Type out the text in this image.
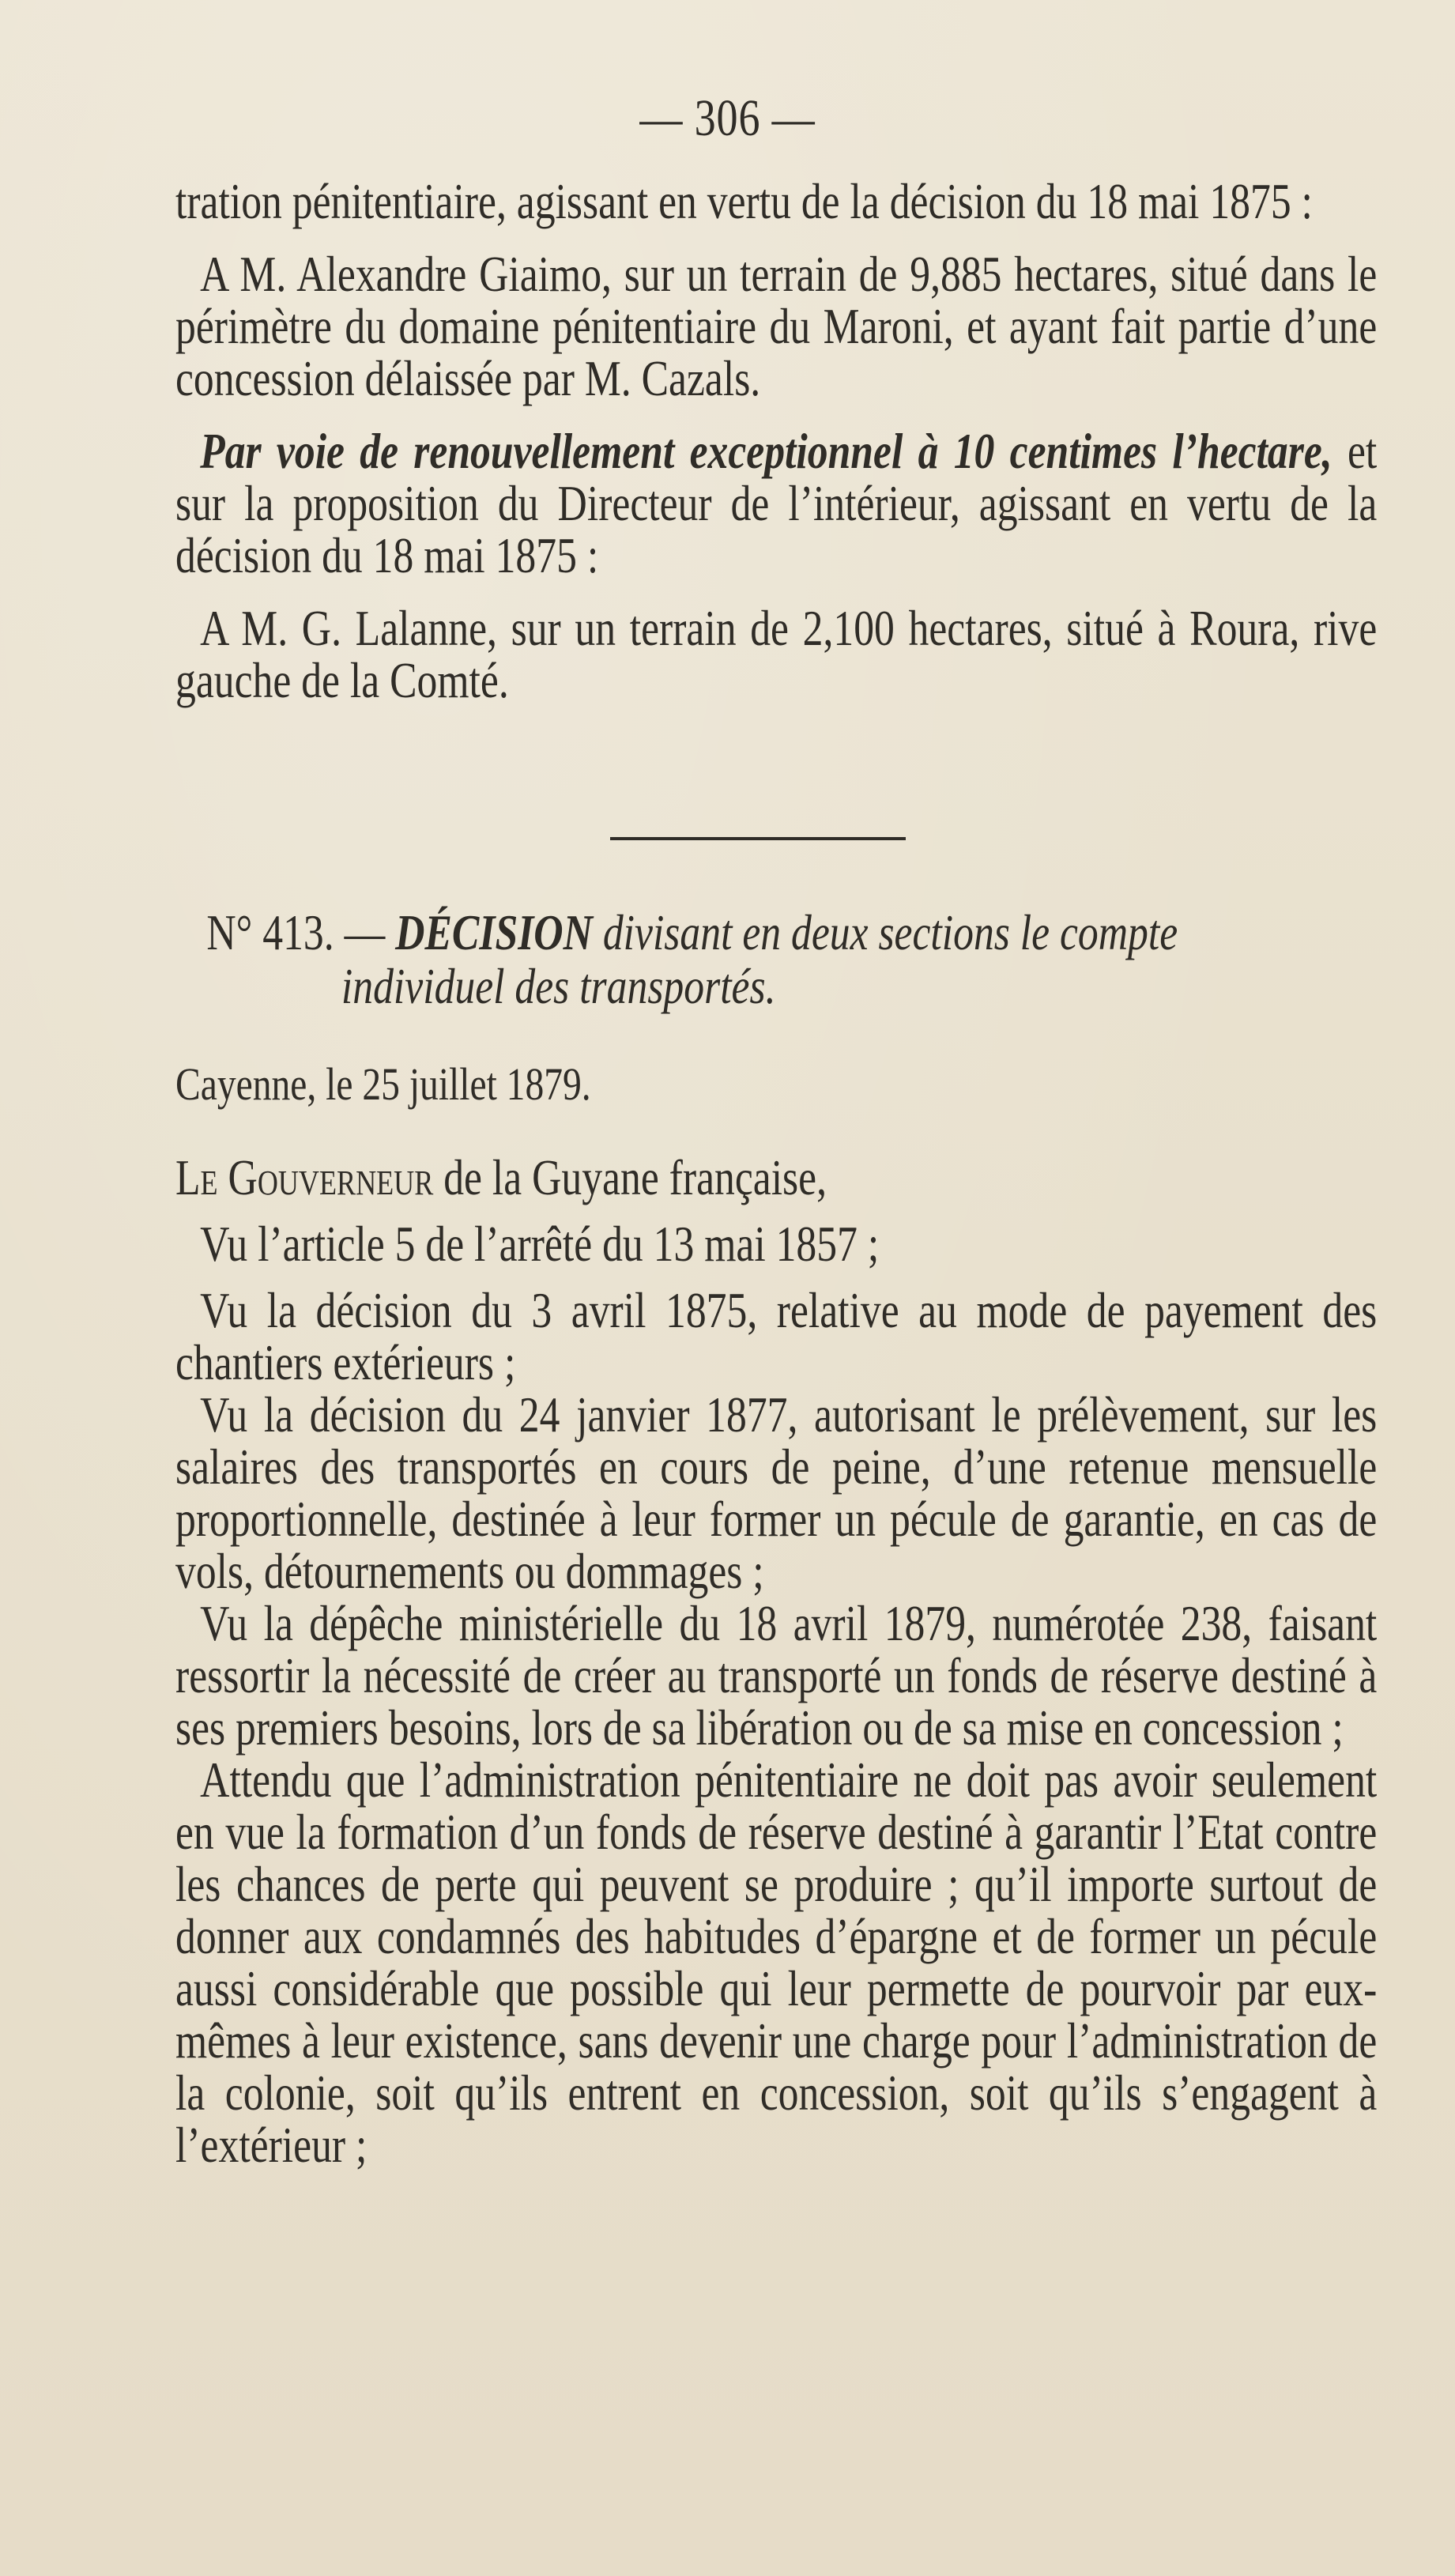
— 306 —

tration pénitentiaire, agissant en vertu de la décision du 18 mai 1875 :

A M. Alexandre Giaimo, sur un terrain de 9,885 hectares, situé dans le périmètre du domaine pénitentiaire du Maroni, et ayant fait partie d’une concession délaissée par M. Cazals.

Par voie de renouvellement exceptionnel à 10 centimes l’hectare, et sur la proposition du Directeur de l’intérieur, agissant en vertu de la décision du 18 mai 1875 :

A M. G. Lalanne, sur un terrain de 2,100 hectares, situé à Roura, rive gauche de la Comté.

N° 413. — DÉCISION divisant en deux sections le compte
individuel des transportés.

Cayenne, le 25 juillet 1879.

Le Gouverneur de la Guyane française,

Vu l’article 5 de l’arrêté du 13 mai 1857 ;

Vu la décision du 3 avril 1875, relative au mode de payement des chantiers extérieurs ;

Vu la décision du 24 janvier 1877, autorisant le prélèvement, sur les salaires des transportés en cours de peine, d’une retenue mensuelle proportionnelle, destinée à leur former un pécule de garantie, en cas de vols, détournements ou dommages ;

Vu la dépêche ministérielle du 18 avril 1879, numérotée 238, faisant ressortir la nécessité de créer au transporté un fonds de réserve destiné à ses premiers besoins, lors de sa libération ou de sa mise en concession ;

Attendu que l’administration pénitentiaire ne doit pas avoir seulement en vue la formation d’un fonds de réserve destiné à garantir l’Etat contre les chances de perte qui peuvent se produire ; qu’il importe surtout de donner aux condamnés des habitudes d’épargne et de former un pécule aussi considérable que possible qui leur permette de pourvoir par eux-mêmes à leur existence, sans devenir une charge pour l’administration de la colonie, soit qu’ils entrent en concession, soit qu’ils s’engagent à l’extérieur ;
